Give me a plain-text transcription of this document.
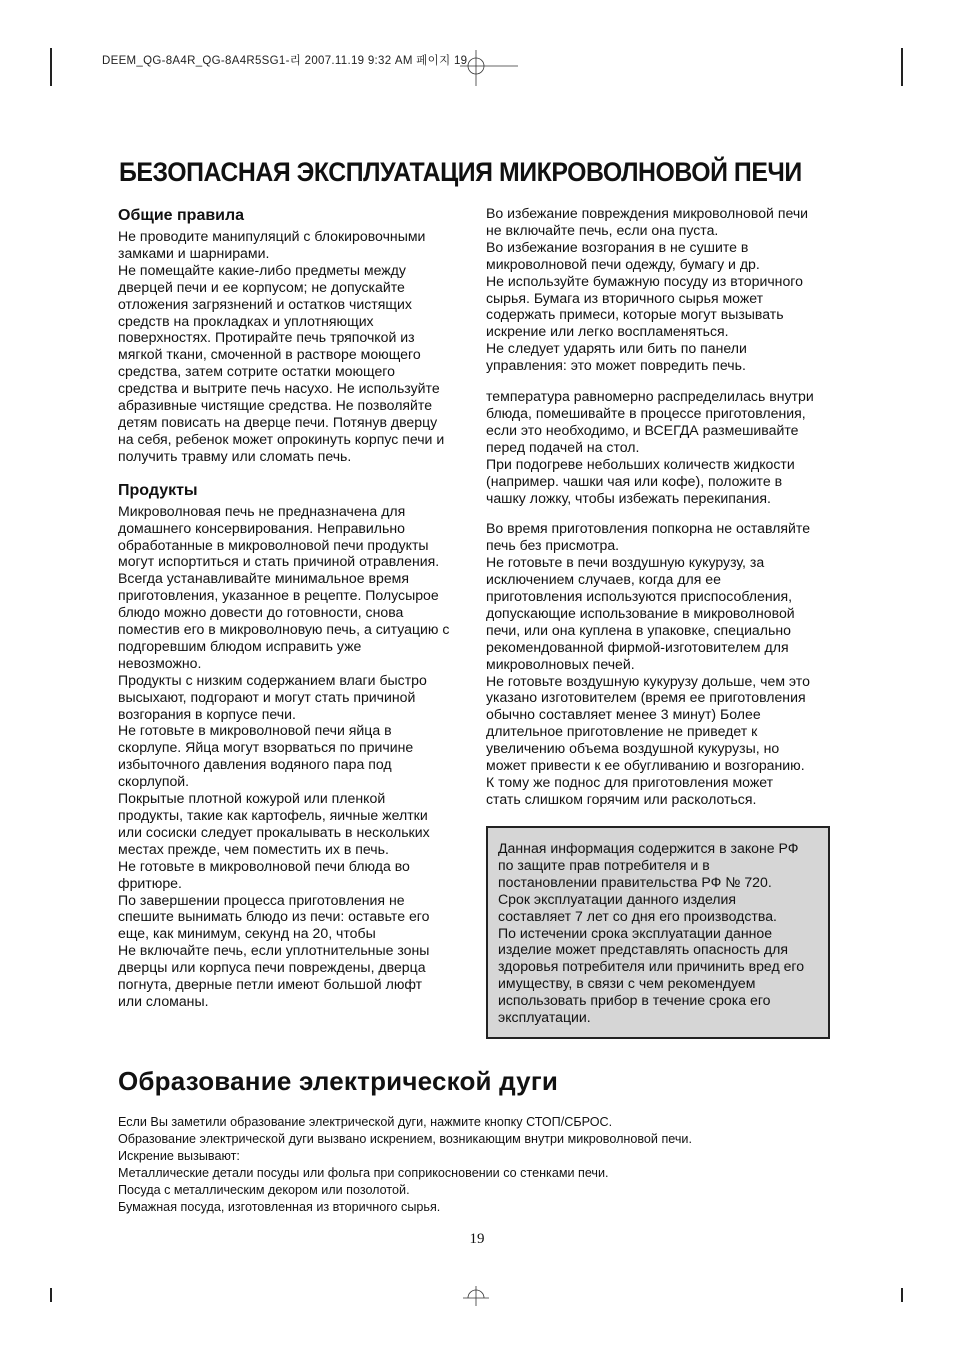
DEEM_QG-8A4R_QG-8A4R5SG1-리 2007.11.19 9:32 AM 페이지 19
БЕЗОПАСНАЯ ЭКСПЛУАТАЦИЯ МИКРОВОЛНОВОЙ ПЕЧИ
Общие правила

Не проводите манипуляций с блокировочными

замками и шарнирами.

Не помещайте какие-либо предметы между

дверцей печи и ее корпусом; не допускайте

отложения загрязнений и остатков чистящих

средств на прокладках и уплотняющих

поверхностях. Протирайте печь тряпочкой из

мягкой ткани, смоченной в растворе моющего

средства, затем сотрите остатки моющего

средства и вытрите печь насухо. Не используйте

абразивные чистящие средства. Не позволяйте

детям повисать на дверце печи. Потянув дверцу

на себя, ребенок может опрокинуть корпус печи и

получить травму или сломать печь.

Продукты

Микроволновая печь не предназначена для

домашнего консервирования. Неправильно

обработанные в микроволновой печи продукты

могут испортиться и стать причиной отравления.

Всегда устанавливайте минимальное время

приготовления, указанное в рецепте. Полусырое

блюдо можно довести до готовности, снова

поместив его в микроволновую печь, а ситуацию с

подгоревшим блюдом исправить уже

невозможно.

Продукты с низким содержанием влаги быстро

высыхают, подгорают и могут стать причиной

возгорания в корпусе печи.

Не готовьте в микроволновой печи яйца в

скорлупе. Яйца могут взорваться по причине

избыточного давления водяного пара под

скорлупой.

Покрытые плотной кожурой или пленкой

продукты, такие как картофель, яичные желтки

или сосиски следует прокалывать в нескольких

местах прежде, чем поместить их в печь.

Не готовьте в микроволновой печи блюда во

фритюре.

По завершении процесса приготовления не

спешите вынимать блюдо из печи: оставьте его

еще, как минимум, секунд на 20, чтобы

Не включайте печь, если уплотнительные зоны

дверцы или корпуса печи повреждены, дверца

погнута, дверные петли имеют большой люфт

или сломаны.

Во избежание повреждения микроволновой печи

не включайте печь, если она пуста.

Во избежание возгорания в не сушите в

микроволновой печи одежду, бумагу и др.

Не используйте бумажную посуду из вторичного

сырья. Бумага из вторичного сырья может

содержать примеси, которые могут вызывать

искрение или легко воспламеняться.

Не следует ударять или бить по панели

управления: это может повредить печь.

температура равномерно распределилась внутри

блюда, помешивайте в процессе приготовления,

если это необходимо, и ВСЕГДА размешивайте

перед подачей на стол.

При подогреве небольших количеств жидкости

(например. чашки чая или кофе), положите в

чашку ложку, чтобы избежать перекипания.

Во время приготовления попкорна не оставляйте

печь без присмотра.

Не готовьте в печи воздушную кукурузу, за

исключением случаев, когда для ее

приготовления используются приспособления,

допускающие использование в микроволновой

печи, или она куплена в упаковке, специально

рекомендованной фирмой-изготовителем для

микроволновых печей.

Не готовьте воздушную кукурузу дольше, чем это

указано изготовителем (время ее приготовления

обычно составляет менее 3 минут) Более

длительное приготовление не приведет к

увеличению объема воздушной кукурузы, но

может привести к ее обугливанию и возгоранию.

К тому же поднос для приготовления может

стать слишком горячим или расколоться.

Данная информация содержится в законе РФ

по защите прав потребителя и в

постановлении правительства РФ № 720.

Срок эксплуатации данного изделия

составляет 7 лет со дня его производства.

По истечении срока эксплуатации данное

изделие может представлять опасность для

здоровья потребителя или причинить вред его

имуществу, в связи с чем рекомендуем

использовать прибор в течение срока его

эксплуатации.

Образование электрической дуги

Если Вы заметили образование электрической дуги, нажмите кнопку СТОП/СБРОС.

Образование электрической дуги вызвано искрением, возникающим внутри микроволновой печи.

Искрение вызывают:

Металлические детали посуды или фольга при соприкосновении со стенками печи.

Посуда с металлическим декором или позолотой.

Бумажная посуда, изготовленная из вторичного сырья.

19
